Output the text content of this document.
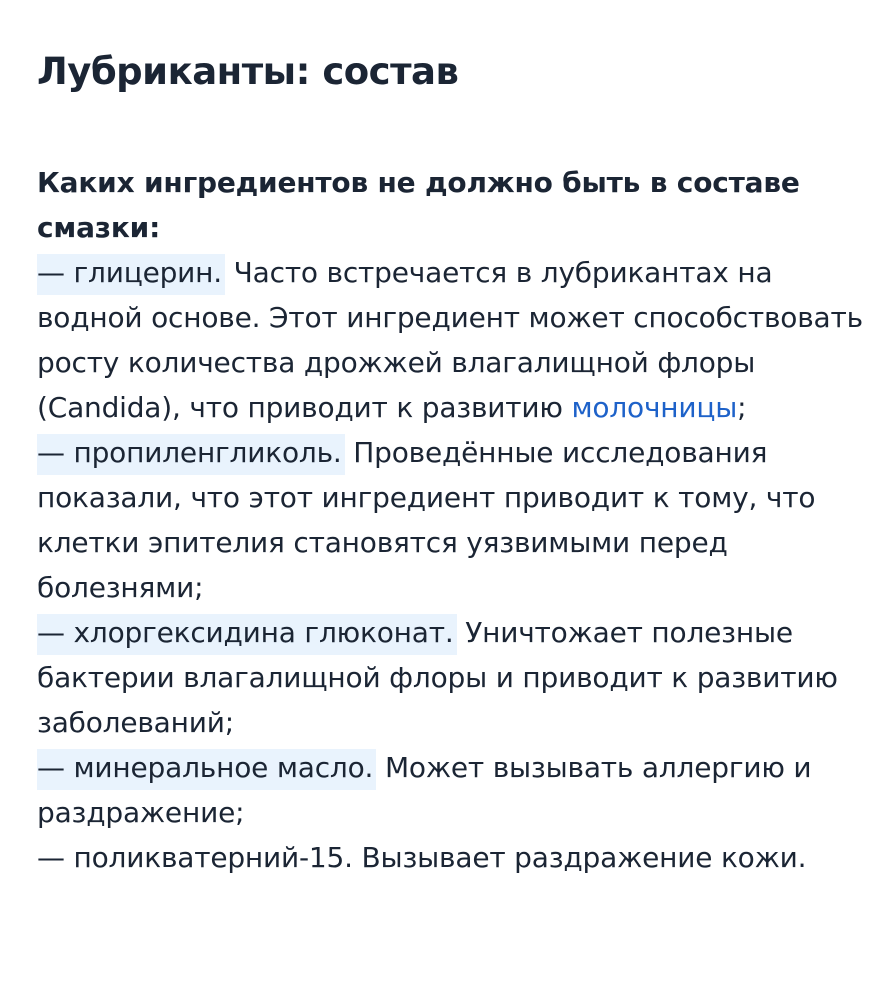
Лубриканты: состав
Каких ингредиентов не должно быть в составе смазки:
— глицерин. Часто встречается в лубрикантах на водной основе. Этот ингредиент может способствовать росту количества дрожжей влагалищной флоры (Candida), что приводит к развитию молочницы;
— пропиленгликоль. Проведённые исследования показали, что этот ингредиент приводит к тому, что клетки эпителия становятся уязвимыми перед болезнями;
— хлоргексидина глюконат. Уничтожает полезные бактерии влагалищной флоры и приводит к развитию заболеваний;
— минеральное масло. Может вызывать аллергию и раздражение;
— поликватерний-15. Вызывает раздражение кожи.
